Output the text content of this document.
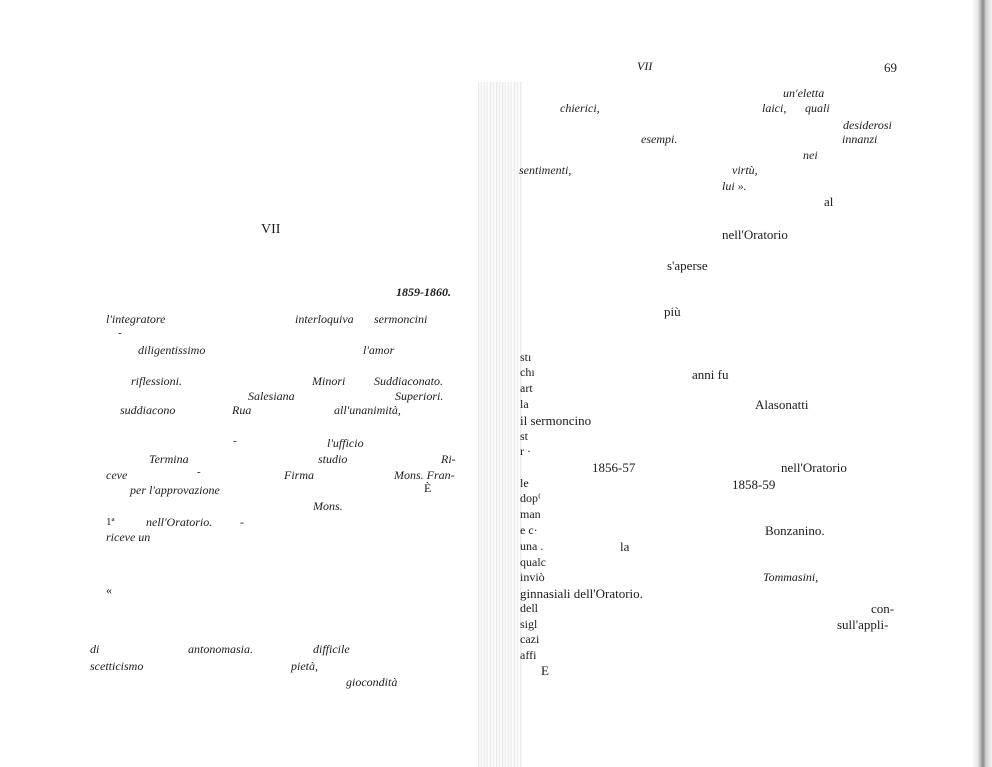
VII
1859-1860.
l'integratore	interloquiva sermoncini
-
diligentissimo	l'amor
riflessioni.	Minori Suddiaconato.
Salesiana	Superiori.
suddiacono	Rua	all'unanimità,
-	l'ufficio
Termina	studio	Ri-
ceve	-	Firma	Mons. Fran-
È
per l'approvazione
Mons.
1ª	nell'Oratorio. -
riceve un
«
di	antonomasia.	difficile
scetticismo	pietà,
giocondità
VII	69
un'eletta
chierici,	laici, quali
desiderosi
esempi.	innanzi
nei
sentimenti,	virtù,
lui ».
al
nell'Oratorio
s'aperse
più
stı
chı	anni fu
art
la	Alasonatti
il sermoncino
st
r ·
1856-57	nell'Oratorio
le	1858-59
dop⁽
man
e c·	Bonzanino.
una .	la
qualc
inviò	Tommasini,
ginnasiali dell'Oratorio.
dell	con-
sigl	sull'appli-
cazi
affi
E
